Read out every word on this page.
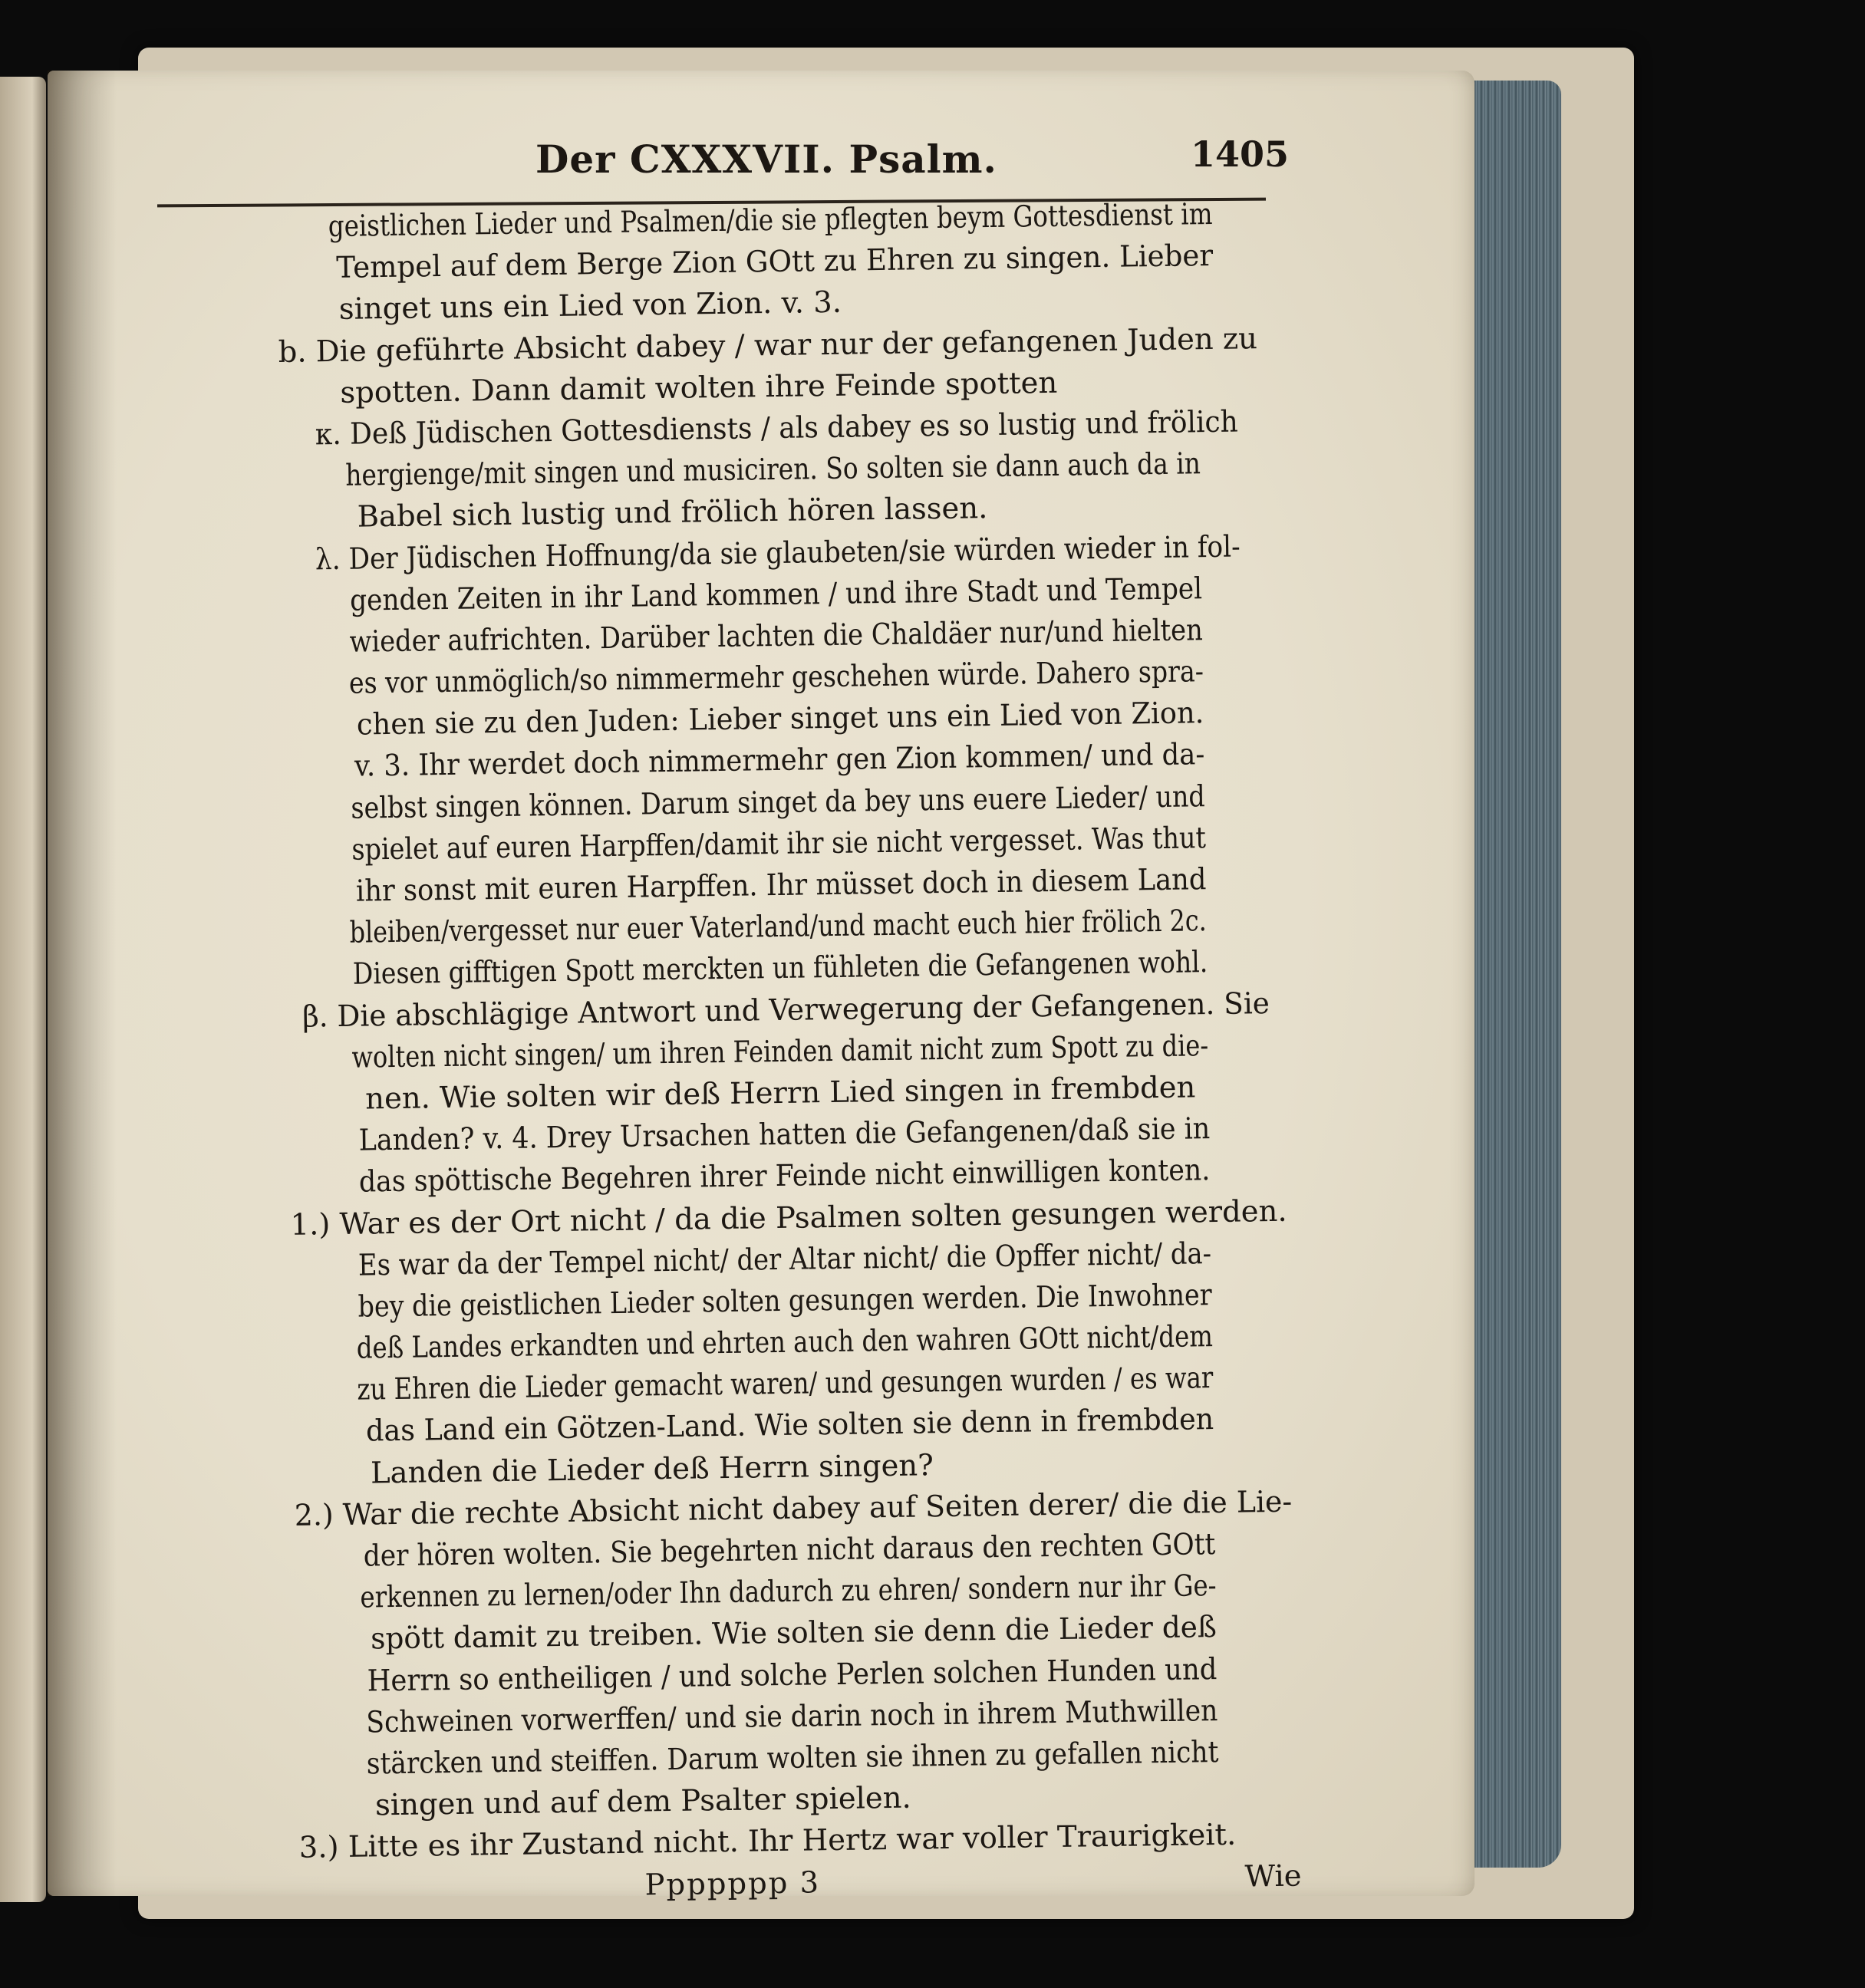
Der CXXXVII. Psalm.	1405
geistlichen Lieder und Psalmen/die sie pflegten beym Gottesdienst im
Tempel auf dem Berge Zion GOtt zu Ehren zu singen. Lieber
singet uns ein Lied von Zion. v. 3.
b. Die geführte Absicht dabey / war nur der gefangenen Juden zu
spotten. Dann damit wolten ihre Feinde spotten
κ. Deß Jüdischen Gottesdiensts / als dabey es so lustig und frölich
hergienge/mit singen und musiciren. So solten sie dann auch da in
Babel sich lustig und frölich hören lassen.
λ. Der Jüdischen Hoffnung/da sie glaubeten/sie würden wieder in fol-
genden Zeiten in ihr Land kommen / und ihre Stadt und Tempel
wieder aufrichten. Darüber lachten die Chaldäer nur/und hielten
es vor unmöglich/so nimmermehr geschehen würde. Dahero spra-
chen sie zu den Juden: Lieber singet uns ein Lied von Zion.
v. 3. Ihr werdet doch nimmermehr gen Zion kommen/ und da-
selbst singen können. Darum singet da bey uns euere Lieder/ und
spielet auf euren Harpffen/damit ihr sie nicht vergesset. Was thut
ihr sonst mit euren Harpffen. Ihr müsset doch in diesem Land
bleiben/vergesset nur euer Vaterland/und macht euch hier frölich 2c.
Diesen gifftigen Spott merckten un fühleten die Gefangenen wohl.
β. Die abschlägige Antwort und Verwegerung der Gefangenen. Sie
wolten nicht singen/ um ihren Feinden damit nicht zum Spott zu die-
nen. Wie solten wir deß Herrn Lied singen in frembden
Landen? v. 4. Drey Ursachen hatten die Gefangenen/daß sie in
das spöttische Begehren ihrer Feinde nicht einwilligen konten.
1.) War es der Ort nicht / da die Psalmen solten gesungen werden.
Es war da der Tempel nicht/ der Altar nicht/ die Opffer nicht/ da-
bey die geistlichen Lieder solten gesungen werden. Die Inwohner
deß Landes erkandten und ehrten auch den wahren GOtt nicht/dem
zu Ehren die Lieder gemacht waren/ und gesungen wurden / es war
das Land ein Götzen-Land. Wie solten sie denn in frembden
Landen die Lieder deß Herrn singen?
2.) War die rechte Absicht nicht dabey auf Seiten derer/ die die Lie-
der hören wolten. Sie begehrten nicht daraus den rechten GOtt
erkennen zu lernen/oder Ihn dadurch zu ehren/ sondern nur ihr Ge-
spött damit zu treiben. Wie solten sie denn die Lieder deß
Herrn so entheiligen / und solche Perlen solchen Hunden und
Schweinen vorwerffen/ und sie darin noch in ihrem Muthwillen
stärcken und steiffen. Darum wolten sie ihnen zu gefallen nicht
singen und auf dem Psalter spielen.
3.) Litte es ihr Zustand nicht. Ihr Hertz war voller Traurigkeit.
Ppppppp 3	Wie
